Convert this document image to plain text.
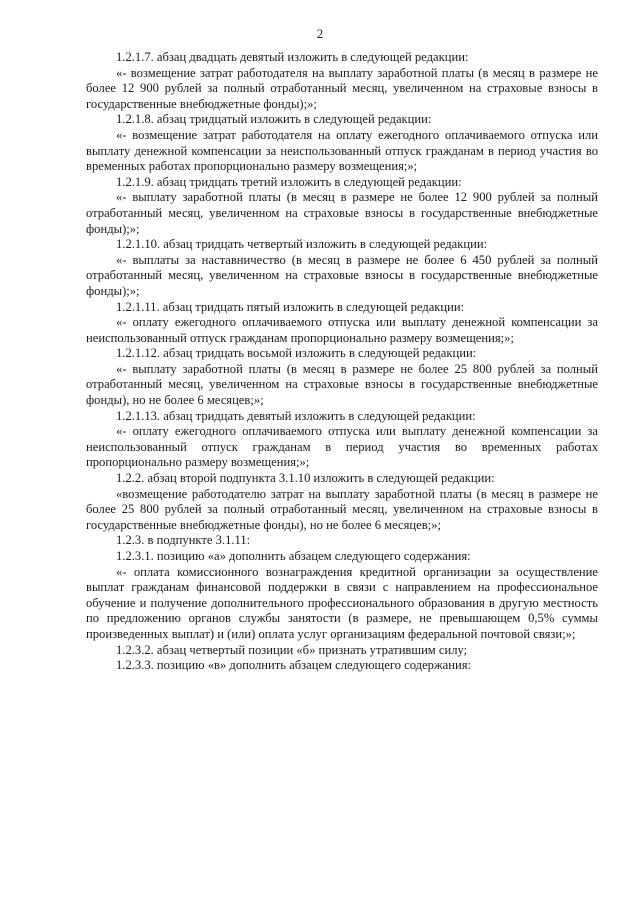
2

1.2.1.7. абзац двадцать девятый изложить в следующей редакции:

«- возмещение затрат работодателя на выплату заработной платы (в месяц в размере не более 12 900 рублей за полный отработанный месяц, увеличенном на страховые взносы в государственные внебюджетные фонды);»;

1.2.1.8. абзац тридцатый изложить в следующей редакции:

«- возмещение затрат работодателя на оплату ежегодного оплачиваемого отпуска или выплату денежной компенсации за неиспользованный отпуск гражданам в период участия во временных работах пропорционально размеру возмещения;»;

1.2.1.9. абзац тридцать третий изложить в следующей редакции:

«- выплату заработной платы (в месяц в размере не более 12 900 рублей за полный отработанный месяц, увеличенном на страховые взносы в государственные внебюджетные фонды);»;

1.2.1.10. абзац тридцать четвертый изложить в следующей редакции:

«- выплаты за наставничество (в месяц в размере не более 6 450 рублей за полный отработанный месяц, увеличенном на страховые взносы в государственные внебюджетные фонды);»;

1.2.1.11. абзац тридцать пятый изложить в следующей редакции:

«- оплату ежегодного оплачиваемого отпуска или выплату денежной компенсации за неиспользованный отпуск гражданам пропорционально размеру возмещения;»;

1.2.1.12. абзац тридцать восьмой изложить в следующей редакции:

«- выплату заработной платы (в месяц в размере не более 25 800 рублей за полный отработанный месяц, увеличенном на страховые взносы в государственные внебюджетные фонды), но не более 6 месяцев;»;

1.2.1.13. абзац тридцать девятый изложить в следующей редакции:

«- оплату ежегодного оплачиваемого отпуска или выплату денежной компенсации за неиспользованный отпуск гражданам в период участия во временных работах пропорционально размеру возмещения;»;

1.2.2. абзац второй подпункта 3.1.10 изложить в следующей редакции:

«возмещение работодателю затрат на выплату заработной платы (в месяц в размере не более 25 800 рублей за полный отработанный месяц, увеличенном на страховые взносы в государственные внебюджетные фонды), но не более 6 месяцев;»;

1.2.3. в подпункте 3.1.11:

1.2.3.1. позицию «а» дополнить абзацем следующего содержания:

«- оплата комиссионного вознаграждения кредитной организации за осуществление выплат гражданам финансовой поддержки в связи с направлением на профессиональное обучение и получение дополнительного профессионального образования в другую местность по предложению органов службы занятости (в размере, не превышающем 0,5% суммы произведенных выплат) и (или) оплата услуг организациям федеральной почтовой связи;»;

1.2.3.2. абзац четвертый позиции «б» признать утратившим силу;

1.2.3.3. позицию «в» дополнить абзацем следующего содержания:
